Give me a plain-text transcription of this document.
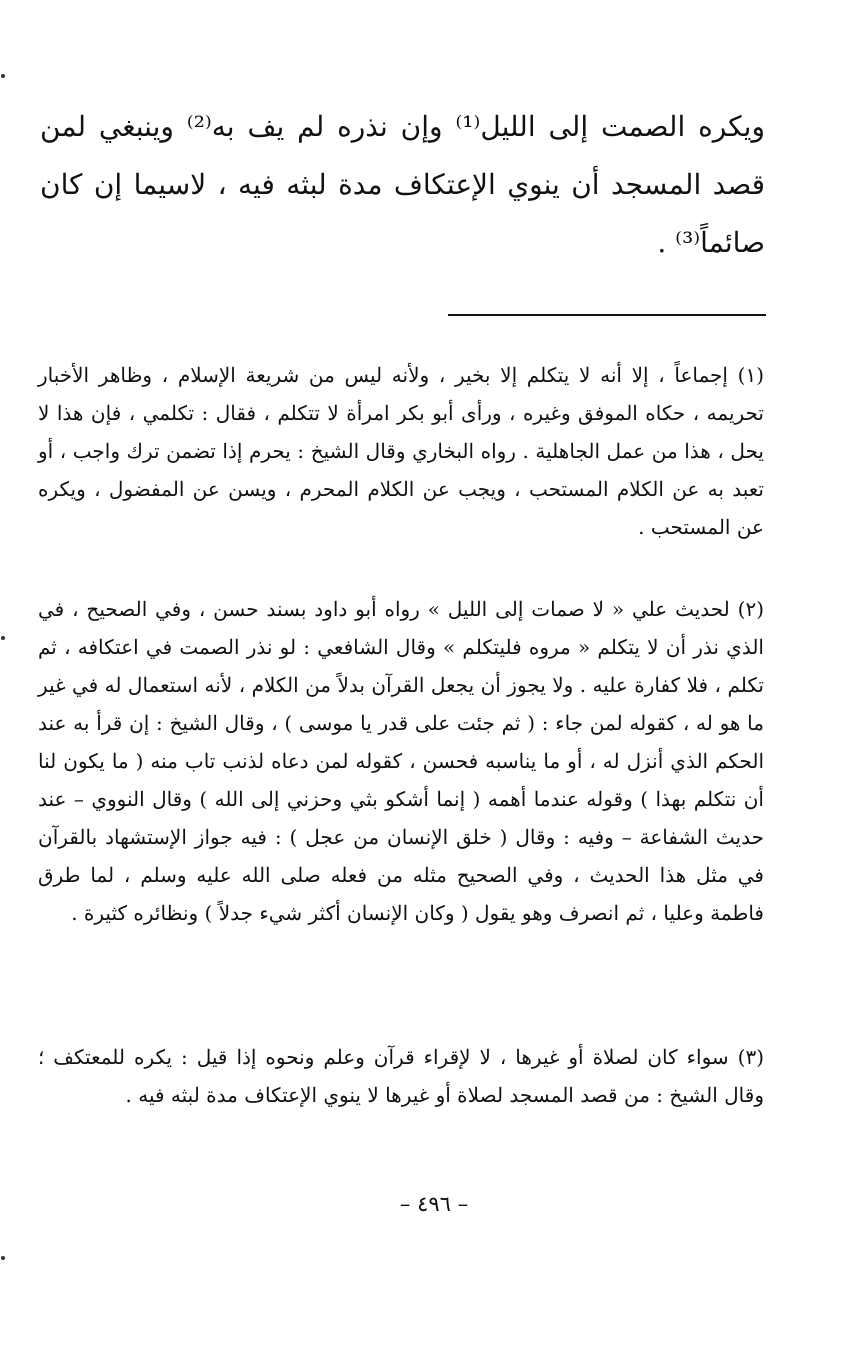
ويكره الصمت إلى الليل⁽¹⁾ وإن نذره لم يف به⁽²⁾ وينبغي لمن قصد المسجد أن ينوي الإعتكاف مدة لبثه فيه ، لاسيما إن كان صائماً⁽³⁾ .
(١) إجماعاً ، إلا أنه لا يتكلم إلا بخير ، ولأنه ليس من شريعة الإسلام ، وظاهر الأخبار تحريمه ، حكاه الموفق وغيره ، ورأى أبو بكر امرأة لا تتكلم ، فقال : تكلمي ، فإن هذا لا يحل ، هذا من عمل الجاهلية . رواه البخاري وقال الشيخ : يحرم إذا تضمن ترك واجب ، أو تعبد به عن الكلام المستحب ، ويجب عن الكلام المحرم ، ويسن عن المفضول ، ويكره عن المستحب .
(٢) لحديث علي « لا صمات إلى الليل » رواه أبو داود بسند حسن ، وفي الصحيح ، في الذي نذر أن لا يتكلم « مروه فليتكلم » وقال الشافعي : لو نذر الصمت في اعتكافه ، ثم تكلم ، فلا كفارة عليه . ولا يجوز أن يجعل القرآن بدلاً من الكلام ، لأنه استعمال له في غير ما هو له ، كقوله لمن جاء : ( ثم جئت على قدر يا موسى ) ، وقال الشيخ : إن قرأ به عند الحكم الذي أنزل له ، أو ما يناسبه فحسن ، كقوله لمن دعاه لذنب تاب منه ( ما يكون لنا أن نتكلم بهذا ) وقوله عندما أهمه ( إنما أشكو بثي وحزني إلى الله ) وقال النووي – عند حديث الشفاعة – وفيه : وقال ( خلق الإنسان من عجل ) : فيه جواز الإستشهاد بالقرآن في مثل هذا الحديث ، وفي الصحيح مثله من فعله صلى الله عليه وسلم ، لما طرق فاطمة وعليا ، ثم انصرف وهو يقول ( وكان الإنسان أكثر شيء جدلاً ) ونظائره كثيرة .
(٣) سواء كان لصلاة أو غيرها ، لا لإقراء قرآن وعلم ونحوه إذا قيل : يكره للمعتكف ؛ وقال الشيخ : من قصد المسجد لصلاة أو غيرها لا ينوي الإعتكاف مدة لبثه فيه .
– ٤٩٦ –
